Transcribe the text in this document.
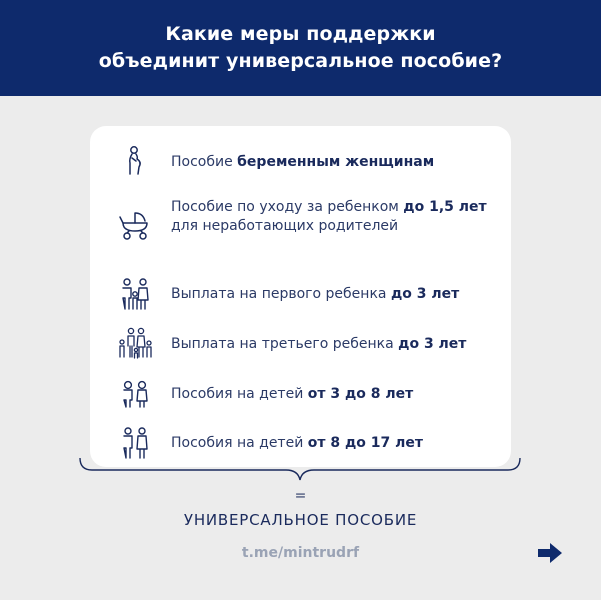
Какие меры поддержки
объединит универсальное пособие?
Пособие беременным женщинам
Пособие по уходу за ребенком до 1,5 лет для неработающих родителей
Выплата на первого ребенка до 3 лет
Выплата на третьего ребенка до 3 лет
Пособия на детей от 3 до 8 лет
Пособия на детей от 8 до 17 лет
=
УНИВЕРСАЛЬНОЕ ПОСОБИЕ
t.me/mintrudrf
